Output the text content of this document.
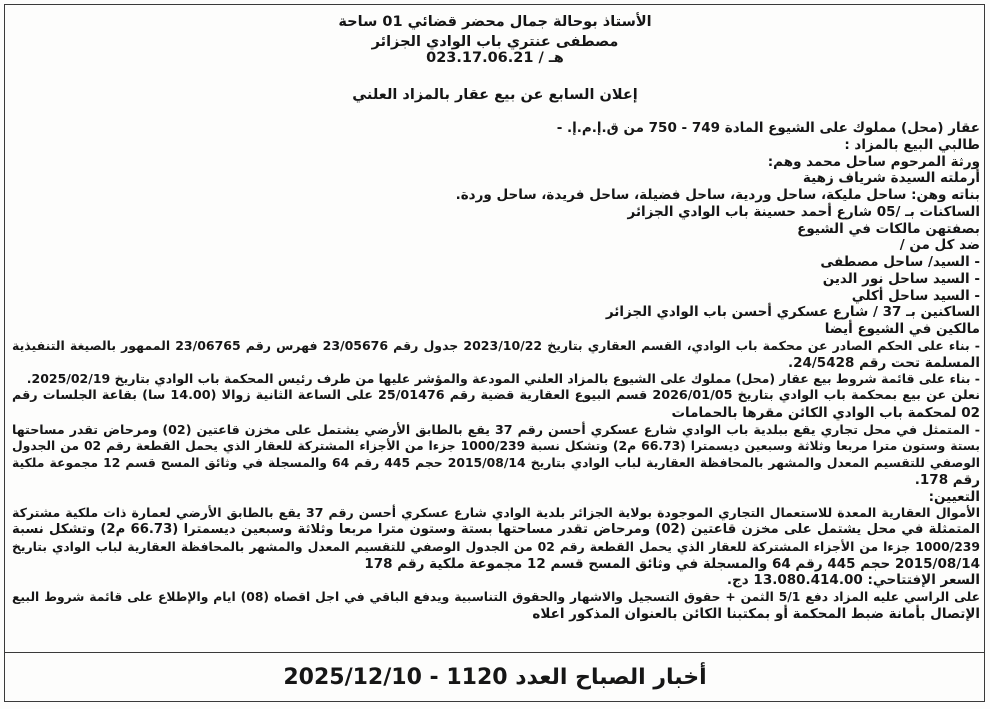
الأستاذ بوحالة جمال محضر قضائي 01 ساحة
مصطفى عنتري باب الوادي الجزائر
هـ / 023.17.06.21
إعلان السابع عن بيع عقار بالمزاد العلني
عقار (محل) مملوك على الشيوع المادة 749 - 750 من ق.إ.م.إ. -
طالبي البيع بالمزاد :
ورثة المرحوم ساحل محمد وهم:
أرملته السيدة شرياف زهية
بناته وهن: ساحل مليكة، ساحل وردية، ساحل فضيلة، ساحل فريدة، ساحل وردة.
الساكنات بـ /05 شارع أحمد حسينة باب الوادي الجزائر
بصفتهن مالكات في الشيوع
ضد كل من /
- السيد/ ساحل مصطفى
- السيد ساحل نور الدين
- السيد ساحل أكلي
الساكنين بـ 37 / شارع عسكري أحسن باب الوادي الجزائر
مالكين في الشيوع أيضا
- بناء على الحكم الصادر عن محكمة باب الوادي، القسم العقاري بتاريخ 2023/10/22 جدول رقم 23/05676 فهرس رقم 23/06765 الممهور بالصيغة التنفيذية
المسلمة تحت رقم 24/5428.
- بناء على قائمة شروط بيع عقار (محل) مملوك على الشيوع بالمزاد العلني المودعة والمؤشر عليها من طرف رئيس المحكمة باب الوادي بتاريخ 2025/02/19.
نعلن عن بيع بمحكمة باب الوادي بتاريخ 2026/01/05 قسم البيوع العقارية قضية رقم 25/01476 على الساعة الثانية زوالا (14.00 سا) بقاعة الجلسات رقم
02 لمحكمة باب الوادي الكائن مقرها بالحمامات
- المتمثل في محل تجاري يقع ببلدية باب الوادي شارع عسكري أحسن رقم 37 يقع بالطابق الأرضي يشتمل على مخزن قاعتين (02) ومرحاض تقدر مساحتها
بستة وستون مترا مربعا وثلاثة وسبعين ديسمترا (66.73 م2) وتشكل نسبة 1000/239 جزءا من الأجزاء المشتركة للعقار الذي يحمل القطعة رقم 02 من الجدول
الوصفي للتقسيم المعدل والمشهر بالمحافظة العقارية لباب الوادي بتاريخ 2015/08/14 حجم 445 رقم 64 والمسجلة في وثائق المسح قسم 12 مجموعة ملكية
رقم 178.
التعيين:
الأموال العقارية المعدة للاستعمال التجاري الموجودة بولاية الجزائر بلدية الوادي شارع عسكري أحسن رقم 37 يقع بالطابق الأرضي لعمارة ذات ملكية مشتركة
المتمثلة في محل يشتمل على مخزن قاعتين (02) ومرحاض تقدر مساحتها بستة وستون مترا مربعا وثلاثة وسبعين ديسمترا (66.73 م2) وتشكل نسبة
1000/239 جزءا من الأجزاء المشتركة للعقار الذي يحمل القطعة رقم 02 من الجدول الوصفي للتقسيم المعدل والمشهر بالمحافظة العقارية لباب الوادي بتاريخ
2015/08/14 حجم 445 رقم 64 والمسجلة في وثائق المسح قسم 12 مجموعة ملكية رقم 178
السعر الإفتتاحي: 13.080.414.00 دج.
على الراسي عليه المزاد دفع 5/1 الثمن + حقوق التسجيل والاشهار والحقوق التناسبية ويدفع الباقي في اجل اقصاه (08) ايام والإطلاع على قائمة شروط البيع
الإتصال بأمانة ضبط المحكمة أو بمكتبنا الكائن بالعنوان المذكور اعلاه
أخبار الصباح العدد 1120 - 2025/12/10
